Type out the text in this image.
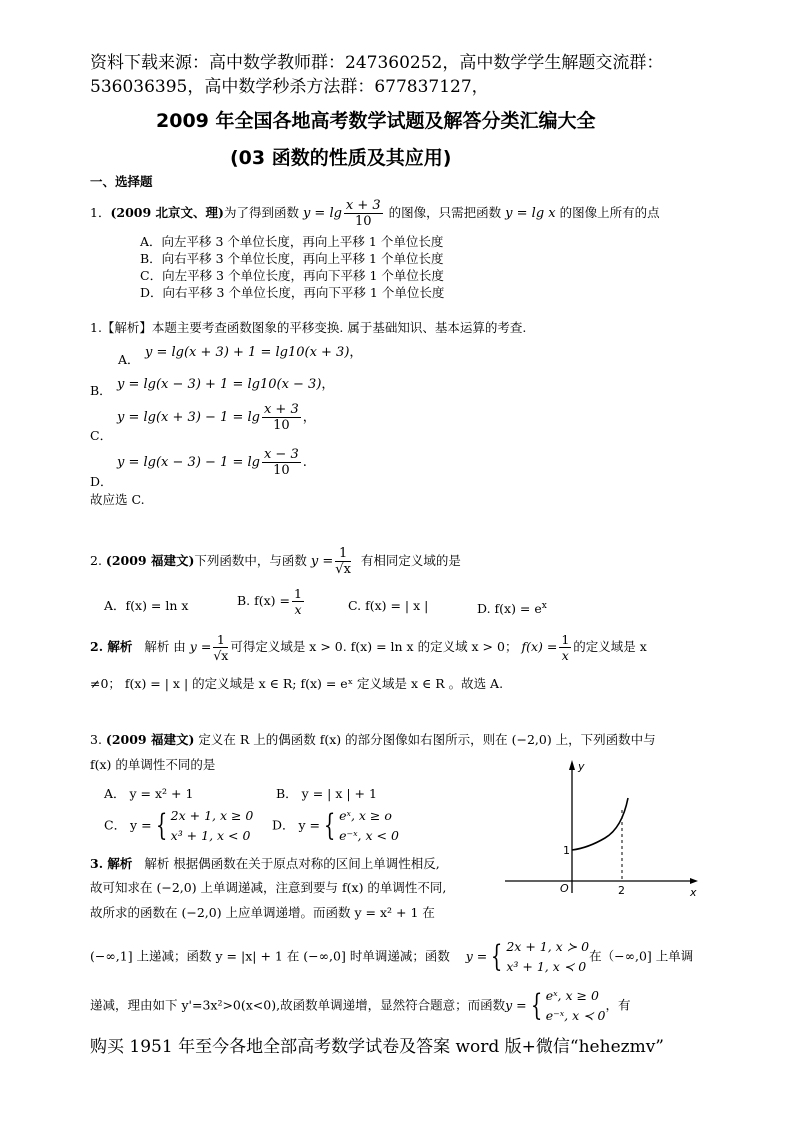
资料下载来源：高中数学教师群：247360252，高中数学学生解题交流群：
536036395，高中数学秒杀方法群：677837127，
2009 年全国各地高考数学试题及解答分类汇编大全
(03 函数的性质及其应用)
一、选择题
1．(2009 北京文、理)为了得到函数 $y = \lg \frac{x + 3}{10}$ 的图像，只需把函数 y = lg x 的图像上所有的点
A．向左平移 3 个单位长度，再向上平移 1 个单位长度
B．向右平移 3 个单位长度，再向上平移 1 个单位长度
C．向左平移 3 个单位长度，再向下平移 1 个单位长度
D．向右平移 3 个单位长度，再向下平移 1 个单位长度
1.【解析】本题主要考查函数图象的平移变换. 属于基础知识、基本运算的考查.
A． y = lg(x + 3) + 1 = lg10(x + 3)，
B． y = lg(x − 3) + 1 = lg10(x − 3)，
C．
$y = \lg(x + 3) - 1 = \lg \frac{x + 3}{10}$ ，
D．
$y = \lg(x - 3) - 1 = \lg \frac{x - 3}{10}$ .
故应选 C.
2. (2009 福建文)下列函数中，与函数 $y = \frac{1}{√x}$ 有相同定义域的是
A．f(x) = ln x	B. $f(x) = \frac{1}{x}$	C. f(x) = | x |	D. $f(x) = e^x$
2. 解析 解析 由 $y = \frac{1}{√x}$ 可得定义域是 x > 0. f(x) = ln x 的定义域 x > 0； $f(x) = \frac{1}{x}$ 的定义域是 x
≠0； f(x) = | x | 的定义域是 x ∈ R; f(x) = eˣ 定义域是 x ∈ R 。故选 A.
3. (2009 福建文) 定义在 R 上的偶函数 f(x) 的部分图像如右图所示，则在 (−2,0) 上，下列函数中与
f(x) 的单调性不同的是
A． y = x² + 1	B． y = | x | + 1
C． y = { 2x + 1, x ≥ 0
x³ + 1, x < 0
D． y = { eˣ, x ≥ o
e⁻ˣ, x < 0
y
x
O	2
1
3. 解析 解析 根据偶函数在关于原点对称的区间上单调性相反,
故可知求在 (−2,0) 上单调递减，注意到要与 f(x) 的单调性不同,
故所求的函数在 (−2,0) 上应单调递增。而函数 y = x² + 1 在
(−∞,1] 上递减；函数 y = |x| + 1 在 (−∞,0] 时单调递减；函数 y = { 2x + 1, x ≻ 0
x³ + 1, x ≺ 0
在（−∞,0] 上单调
递减，理由如下 y'=3x²>0(x<0),故函数单调递增，显然符合题意；而函数y = { eˣ, x ≥ 0
e⁻ˣ, x ≺ 0
，有
购买 1951 年至今各地全部高考数学试卷及答案 word 版+微信“hehezmv”
